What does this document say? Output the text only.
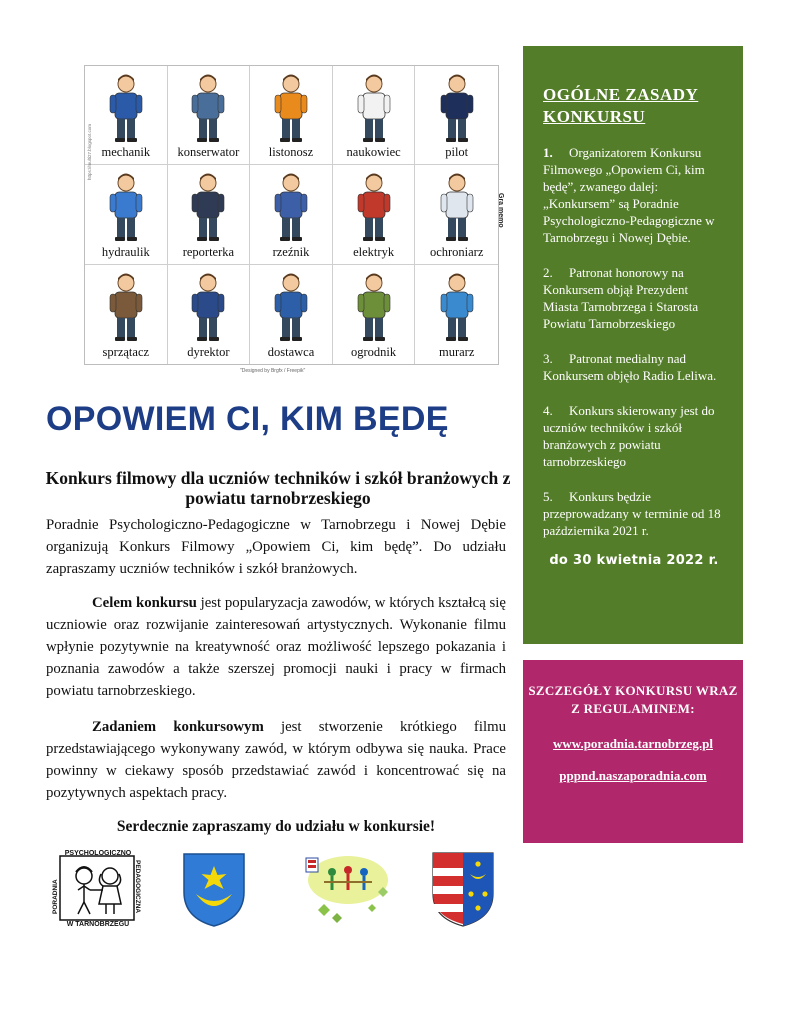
mechanik	konserwator	listonosz	naukowiec	pilot
hydraulik	reporterka	rzeźnik	elektryk	ochroniarz
sprzątacz	dyrektor	dostawca	ogrodnik	murarz
https://multi27.blogspot.com
Gra memo
"Designed by Brgfx / Freepik"
OPOWIEM CI, KIM BĘDĘ
Konkurs filmowy dla uczniów techników i szkół branżowych z powiatu tarnobrzeskiego

Poradnie Psychologiczno-Pedagogiczne w Tarnobrzegu i Nowej Dębie organizują Konkurs Filmowy „Opowiem Ci, kim będę”. Do udziału zapraszamy uczniów techników i szkół branżowych.

Celem konkursu jest popularyzacja zawodów, w których kształcą się uczniowie oraz rozwijanie zainteresowań artystycznych. Wykonanie filmu wpłynie pozytywnie na kreatywność oraz możliwość lepszego pokazania i poznania zawodów a także szerszej promocji nauki i pracy w firmach powiatu tarnobrzeskiego.

Zadaniem konkursowym jest stworzenie krótkiego filmu przedstawiającego wykonywany zawód, w którym odbywa się nauka. Prace powinny w ciekawy sposób przedstawiać zawód i koncentrować się na pozytywnych aspektach pracy.

Serdecznie zapraszamy do udziału w konkursie!
PSYCHOLOGICZNO
W TARNOBRZEGU
PORADNIA	PEDAGOGICZNA
OGÓLNE ZASADY KONKURSU
1. Organizatorem Konkursu Filmowego „Opowiem Ci, kim będę”, zwanego dalej: „Konkursem” są Poradnie Psychologiczno-Pedagogiczne w Tarnobrzegu i Nowej Dębie.
2. Patronat honorowy na Konkursem objął Prezydent Miasta Tarnobrzega i Starosta Powiatu Tarnobrzeskiego
3. Patronat medialny nad Konkursem objęło Radio Leliwa.
4. Konkurs skierowany jest do uczniów techników i szkół branżowych z powiatu tarnobrzeskiego
5. Konkurs będzie przeprowadzany w terminie od 18 października 2021 r.
do 30 kwietnia 2022 r.
SZCZEGÓŁY KONKURSU WRAZ Z REGULAMINEM:
www.poradnia.tarnobrzeg.pl
pppnd.naszaporadnia.com
